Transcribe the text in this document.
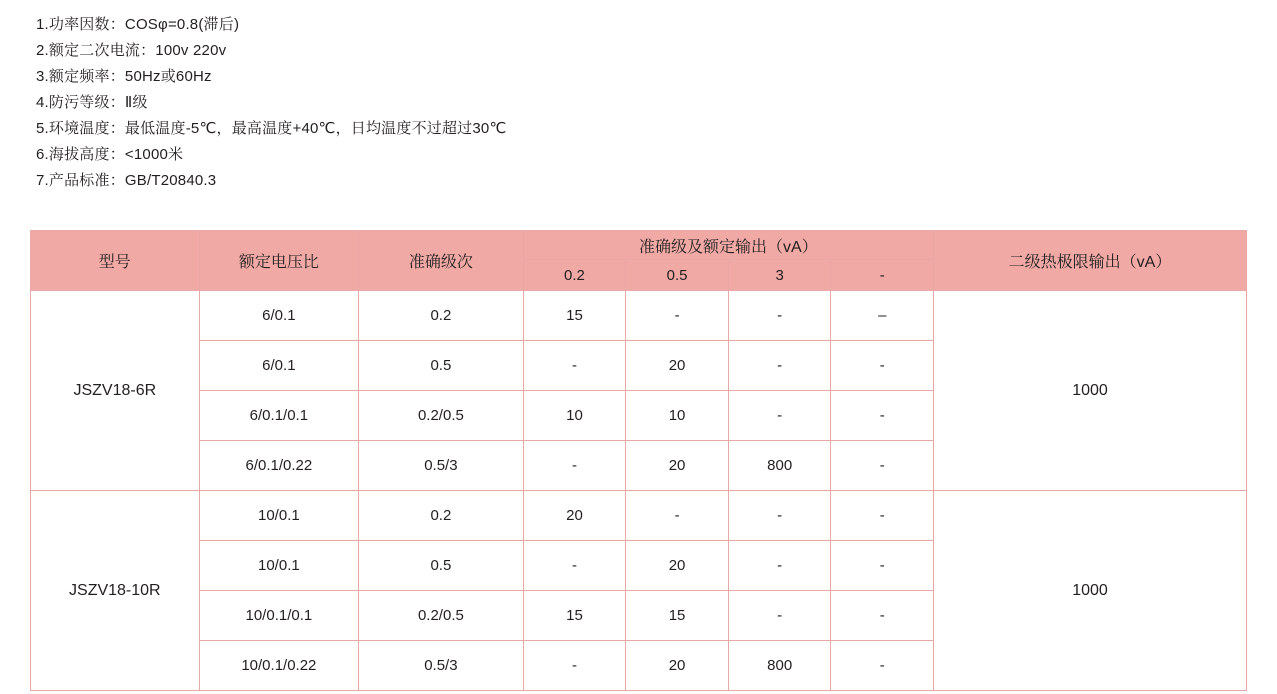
1.功率因数：COSφ=0.8(滞后)
2.额定二次电流：100v 220v
3.额定频率：50Hz或60Hz
4.防污等级：Ⅱ级
5.环境温度：最低温度-5℃，最高温度+40℃，日均温度不过超过30℃
6.海拔高度：<1000米
7.产品标准：GB/T20840.3
型号	额定电压比	准确级次	准确级及额定输出（vA）				二级热极限输出（vA）
			0.2	0.5	3	-	
JSZV18-6R	6/0.1	0.2	15	-	-	–	1000
	6/0.1	0.5	-	20	-	-	
	6/0.1/0.1	0.2/0.5	10	10	-	-	
	6/0.1/0.22	0.5/3	-	20	800	-	
JSZV18-10R	10/0.1	0.2	20	-	-	-	1000
	10/0.1	0.5	-	20	-	-	
	10/0.1/0.1	0.2/0.5	15	15	-	-	
	10/0.1/0.22	0.5/3	-	20	800	-	
